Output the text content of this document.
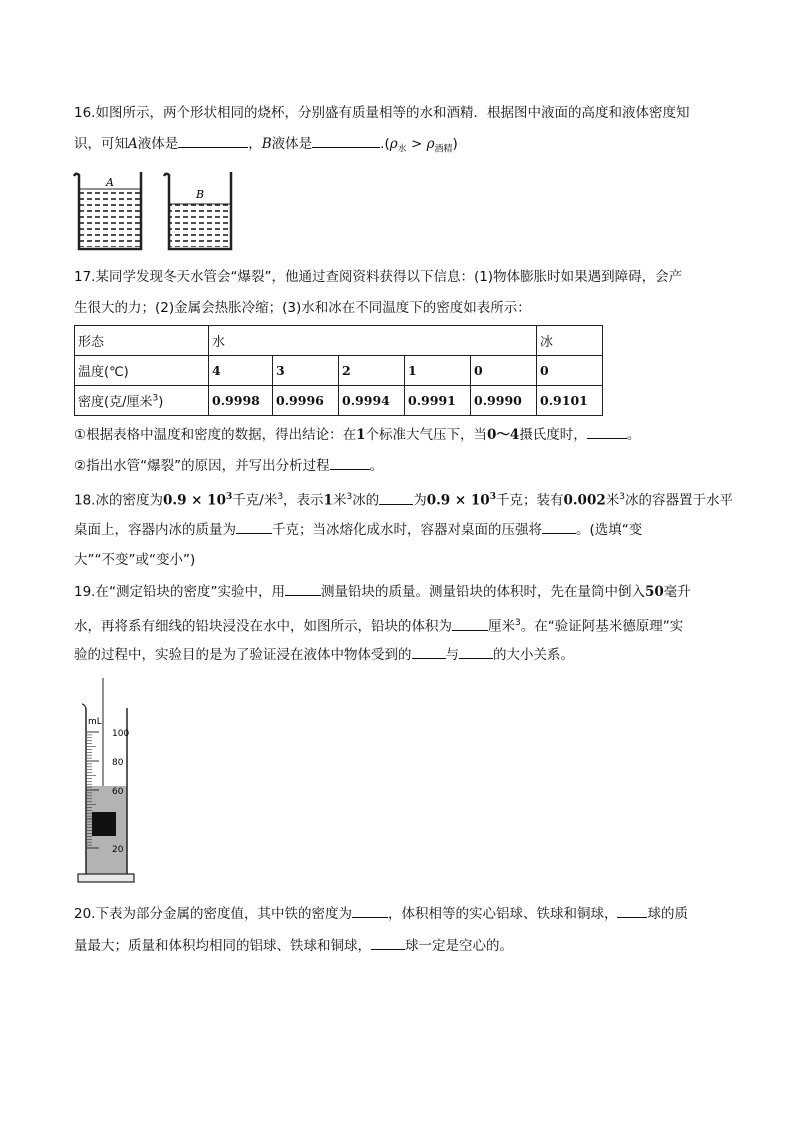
16.如图所示，两个形状相同的烧杯，分别盛有质量相等的水和酒精．根据图中液面的高度和液体密度知
识，可知A液体是	，B液体是	$.(\rho_水 > \rho_{酒精})$
A
B
17.某同学发现冬天水管会“爆裂”，他通过查阅资料获得以下信息：(1)物体膨胀时如果遇到障碍，会产
生很大的力；(2)金属会热胀冷缩；(3)水和冰在不同温度下的密度如表所示：
形态	水					冰
温度(℃)	4	3	2	1	0	0
密度(克/厘米$^3$)	0.9998	0.9996	0.9994	0.9991	0.9990	0.9101
①根据表格中温度和密度的数据，得出结论：在1个标准大气压下，当0～4摄氏度时，	。
②指出水管“爆裂”的原因，并写出分析过程	。
18.冰的密度为$0.9 \times 10^3$千克/米$^3$，表示1米$^3$冰的	为$0.9 \times 10^3$千克；装有0.002米$^3$冰的容器置于水平
桌面上，容器内冰的质量为	千克；当冰熔化成水时，容器对桌面的压强将	。(选填“变
大”“不变”或“变小”)
19.在“测定铅块的密度”实验中，用	测量铅块的质量。测量铅块的体积时，先在量筒中倒入50毫升
水，再将系有细线的铅块浸没在水中，如图所示，铅块的体积为	厘米$^3$。在“验证阿基米德原理”实
验的过程中，实验目的是为了验证浸在液体中物体受到的	与	的大小关系。
mL
100
80
60
20
20.下表为部分金属的密度值，其中铁的密度为	，体积相等的实心铝球、铁球和铜球， 球的质
量最大；质量和体积均相同的铝球、铁球和铜球，	球一定是空心的。
